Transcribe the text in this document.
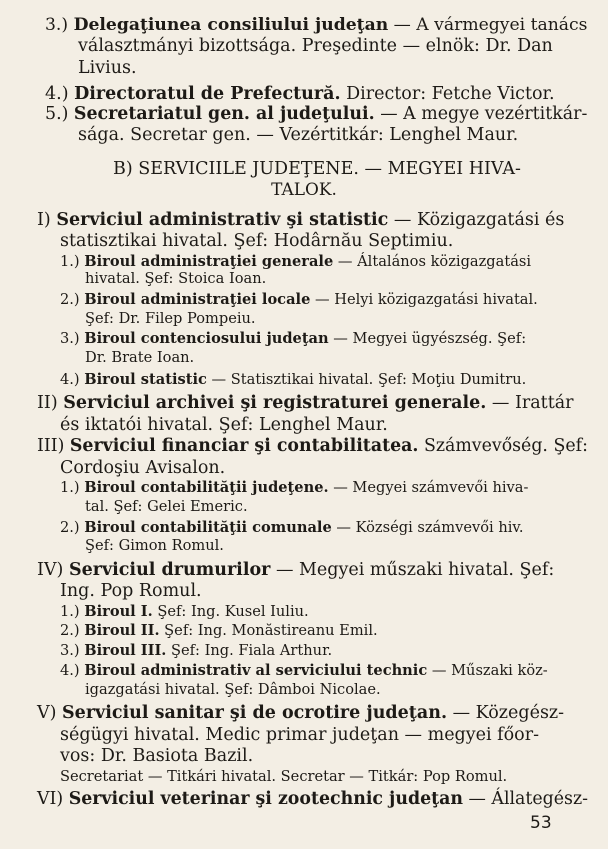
3.) Delegaţiunea consiliului judeţan — A vármegyei tanács
választmányi bizottsága. Preşedinte — elnök: Dr. Dan
Livius.
4.) Directoratul de Prefectură. Director: Fetche Victor.
5.) Secretariatul gen. al judeţului. — A megye vezértitkár-
sága. Secretar gen. — Vezértitkár: Lenghel Maur.
B) SERVICIILE JUDEŢENE. — MEGYEI HIVA-
TALOK.
I) Serviciul administrativ şi statistic — Közigazgatási és
statisztikai hivatal. Şef: Hodârnău Septimiu.
1.) Biroul administraţiei generale — Általános közigazgatási
hivatal. Şef: Stoica Ioan.
2.) Biroul administraţiei locale — Helyi közigazgatási hivatal.
Şef: Dr. Filep Pompeiu.
3.) Biroul contenciosului judeţan — Megyei ügyészség. Şef:
Dr. Brate Ioan.
4.) Biroul statistic — Statisztikai hivatal. Şef: Moţiu Dumitru.
II) Serviciul archivei şi registraturei generale. — Irattár
és iktatói hivatal. Şef: Lenghel Maur.
III) Serviciul financiar şi contabilitatea. Számvevőség. Şef:
Cordoşiu Avisalon.
1.) Biroul contabilităţii judeţene. — Megyei számvevői hiva-
tal. Şef: Gelei Emeric.
2.) Biroul contabilităţii comunale — Községi számvevői hiv.
Şef: Gimon Romul.
IV) Serviciul drumurilor — Megyei műszaki hivatal. Şef:
Ing. Pop Romul.
1.) Biroul I. Şef: Ing. Kusel Iuliu.
2.) Biroul II. Şef: Ing. Monăstireanu Emil.
3.) Biroul III. Şef: Ing. Fiala Arthur.
4.) Biroul administrativ al serviciului technic — Műszaki köz-
igazgatási hivatal. Şef: Dâmboi Nicolae.
V) Serviciul sanitar şi de ocrotire judeţan. — Közegész-
ségügyi hivatal. Medic primar judeţan — megyei főor-
vos: Dr. Basiota Bazil.
Secretariat — Titkári hivatal. Secretar — Titkár: Pop Romul.
VI) Serviciul veterinar şi zootechnic judeţan — Állategész-
53
